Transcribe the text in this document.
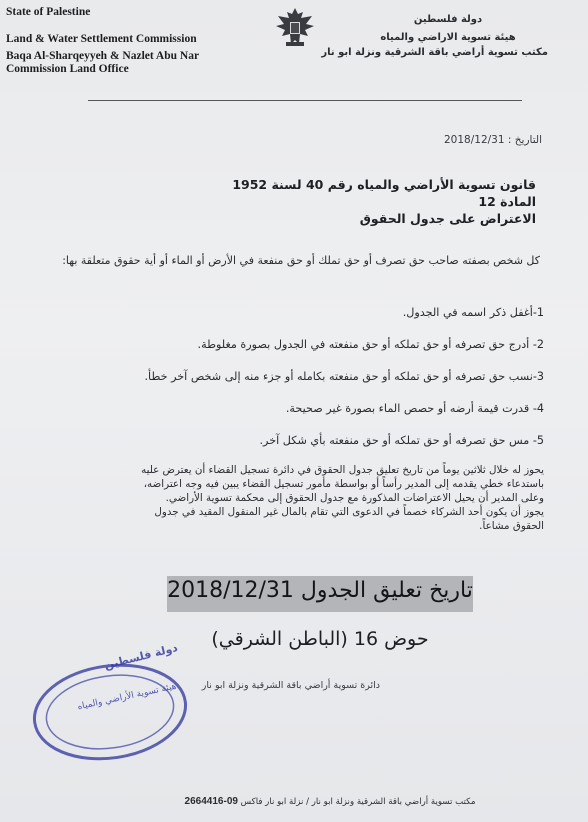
State of Palestine
Land & Water Settlement Commission
Baqa Al-Sharqeyyeh & Nazlet Abu Nar
Commission Land Office
دولة فلسطين
هيئة تسوية الاراضي والمياه
مكتب تسوية أراضي باقة الشرقية ونزلة ابو نار
التاريخ : 2018/12/31
قانون تسوية الأراضي والمياه رقم 40 لسنة 1952
المادة 12
الاعتراض على جدول الحقوق
كل شخص بصفته صاحب حق تصرف أو حق تملك أو حق منفعة في الأرض أو الماء أو أية حقوق متعلقة بها:
1-أغفل ذكر اسمه في الجدول.
2- أدرج حق تصرفه أو حق تملكه أو حق منفعته في الجدول بصورة مغلوطة.
3-نسب حق تصرفه أو حق تملكه أو حق منفعته بكامله أو جزء منه إلى شخص آخر خطأ.
4- قدرت قيمة أرضه أو حصص الماء بصورة غير صحيحة.
5- مس حق تصرفه أو حق تملكه أو حق منفعته بأي شكل آخر.
يحوز له خلال ثلاثين يوماً من تاريخ تعليق جدول الحقوق في دائرة تسجيل القضاء أن يعترض عليه
باستدعاء خطي يقدمه إلى المدير رأساً أو بواسطة مأمور تسجيل القضاء يبين فيه وجه اعتراضه،
وعلى المدير أن يحيل الاعتراضات المذكورة مع جدول الحقوق إلى محكمة تسوية الأراضي.
يجوز أن يكون أحد الشركاء خصماً في الدعوى التي تقام بالمال غير المنقول المقيد في جدول
الحقوق مشاعاً.
تاريخ تعليق الجدول 2018/12/31
حوض 16 (الباطن الشرقي)
دائرة تسوية أراضي باقة الشرقية ونزلة ابو نار
دولة فلسطين
هيئة تسوية الأراضي والمياه
مكتب تسوية أراضي باقة الشرقية ونزلة ابو نار / نزلة ابو نار فاكس 09-2664416
